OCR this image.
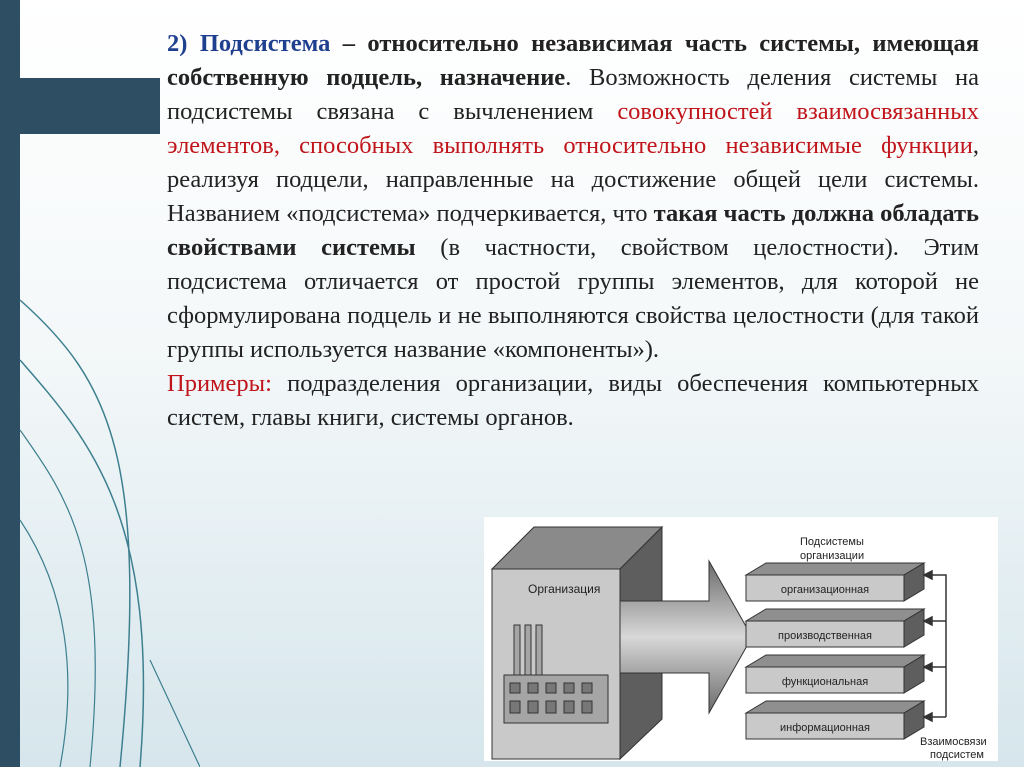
2) Подсистема – относительно независимая часть системы, имеющая собственную подцель, назначение. Возможность деления системы на подсистемы связана с вычленением совокупностей взаимосвязанных элементов, способных выполнять относительно независимые функции, реализуя подцели, направленные на достижение общей цели системы. Названием «подсистема» подчеркивается, что такая часть должна обладать свойствами системы (в частности, свойством целостности). Этим подсистема отличается от простой группы элементов, для которой не сформулирована подцель и не выполняются свойства целостности (для такой группы используется название «компоненты»).

Примеры: подразделения организации, виды обеспечения компьютерных систем, главы книги, системы органов.

Организация
Подсистемы
организации
организационная
производственная
функциональная
информационная
Взаимосвязи
подсистем
